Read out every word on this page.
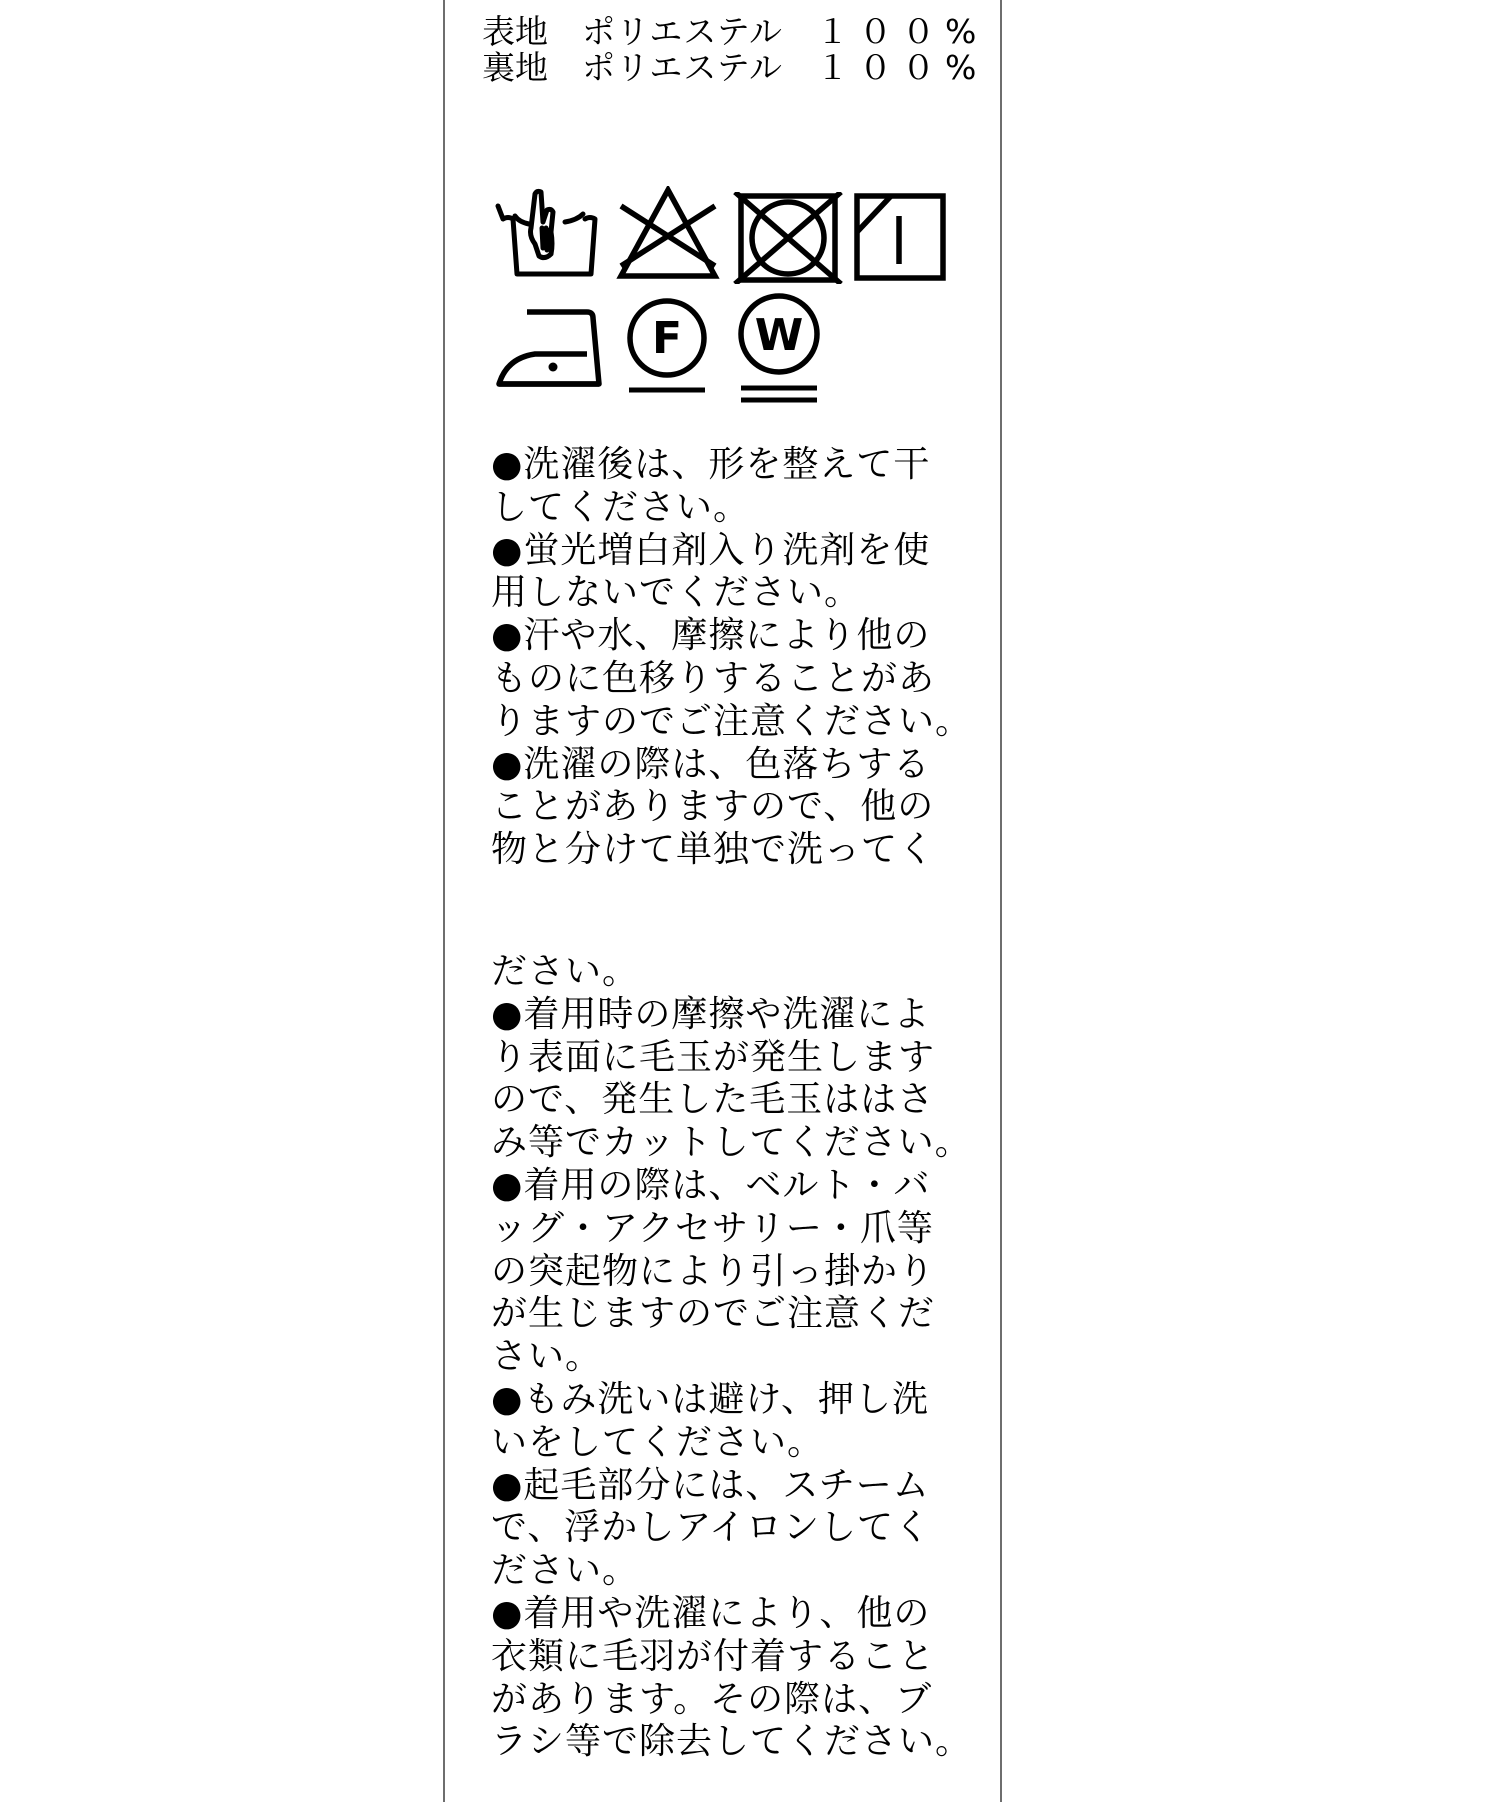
表地 ポリエステル １００%
裏地 ポリエステル １００%
F W
●洗濯後は、形を整えて干
してください。
●蛍光増白剤入り洗剤を使
用しないでください。
●汗や水、摩擦により他の
ものに色移りすることがあ
りますのでご注意ください。
●洗濯の際は、色落ちする
ことがありますので、他の
物と分けて単独で洗ってく
ださい。
●着用時の摩擦や洗濯によ
り表面に毛玉が発生します
ので、発生した毛玉ははさ
み等でカットしてください。
●着用の際は、ベルト・バ
ッグ・アクセサリー・爪等
の突起物により引っ掛かり
が生じますのでご注意くだ
さい。
●もみ洗いは避け、押し洗
いをしてください。
●起毛部分には、スチーム
で、浮かしアイロンしてく
ださい。
●着用や洗濯により、他の
衣類に毛羽が付着すること
があります。その際は、ブ
ラシ等で除去してください。
